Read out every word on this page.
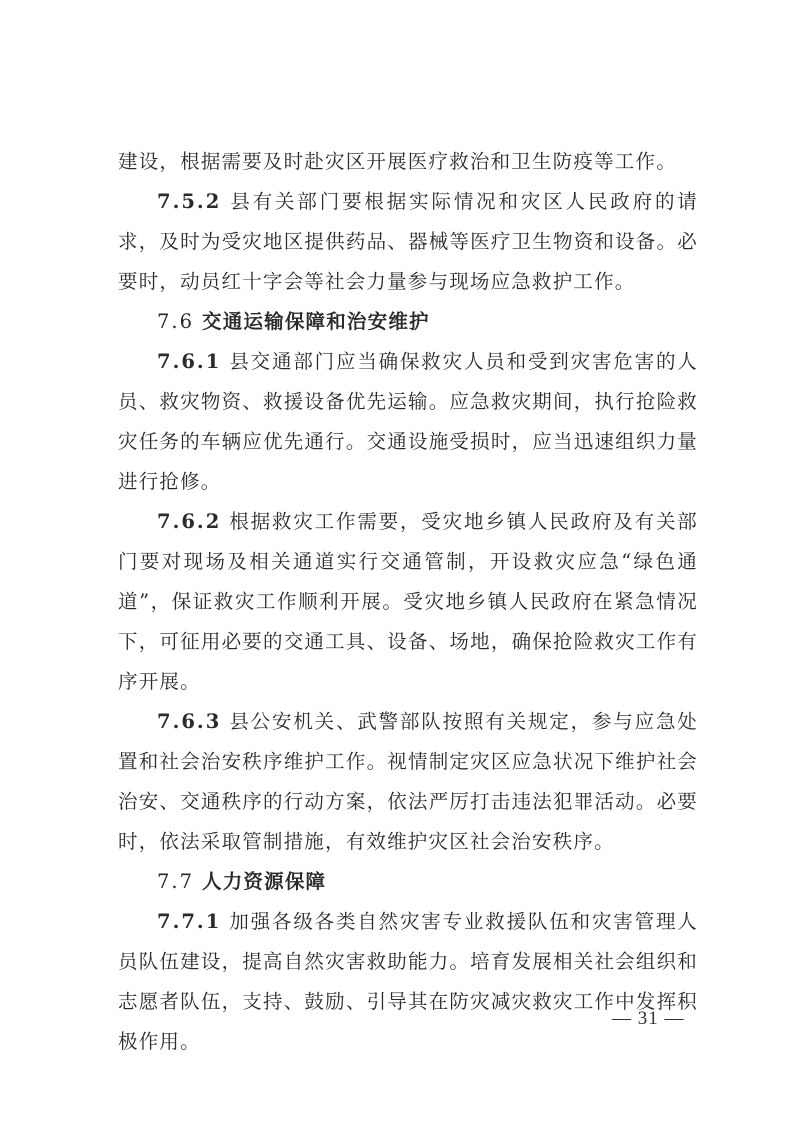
建设，根据需要及时赴灾区开展医疗救治和卫生防疫等工作。

7.5.2 县有关部门要根据实际情况和灾区人民政府的请求，及时为受灾地区提供药品、器械等医疗卫生物资和设备。必要时，动员红十字会等社会力量参与现场应急救护工作。

7.6 交通运输保障和治安维护

7.6.1 县交通部门应当确保救灾人员和受到灾害危害的人员、救灾物资、救援设备优先运输。应急救灾期间，执行抢险救灾任务的车辆应优先通行。交通设施受损时，应当迅速组织力量进行抢修。

7.6.2 根据救灾工作需要，受灾地乡镇人民政府及有关部门要对现场及相关通道实行交通管制，开设救灾应急“绿色通道”，保证救灾工作顺利开展。受灾地乡镇人民政府在紧急情况下，可征用必要的交通工具、设备、场地，确保抢险救灾工作有序开展。

7.6.3 县公安机关、武警部队按照有关规定，参与应急处置和社会治安秩序维护工作。视情制定灾区应急状况下维护社会治安、交通秩序的行动方案，依法严厉打击违法犯罪活动。必要时，依法采取管制措施，有效维护灾区社会治安秩序。

7.7 人力资源保障

7.7.1 加强各级各类自然灾害专业救援队伍和灾害管理人员队伍建设，提高自然灾害救助能力。培育发展相关社会组织和志愿者队伍，支持、鼓励、引导其在防灾减灾救灾工作中发挥积极作用。

— 31 —
